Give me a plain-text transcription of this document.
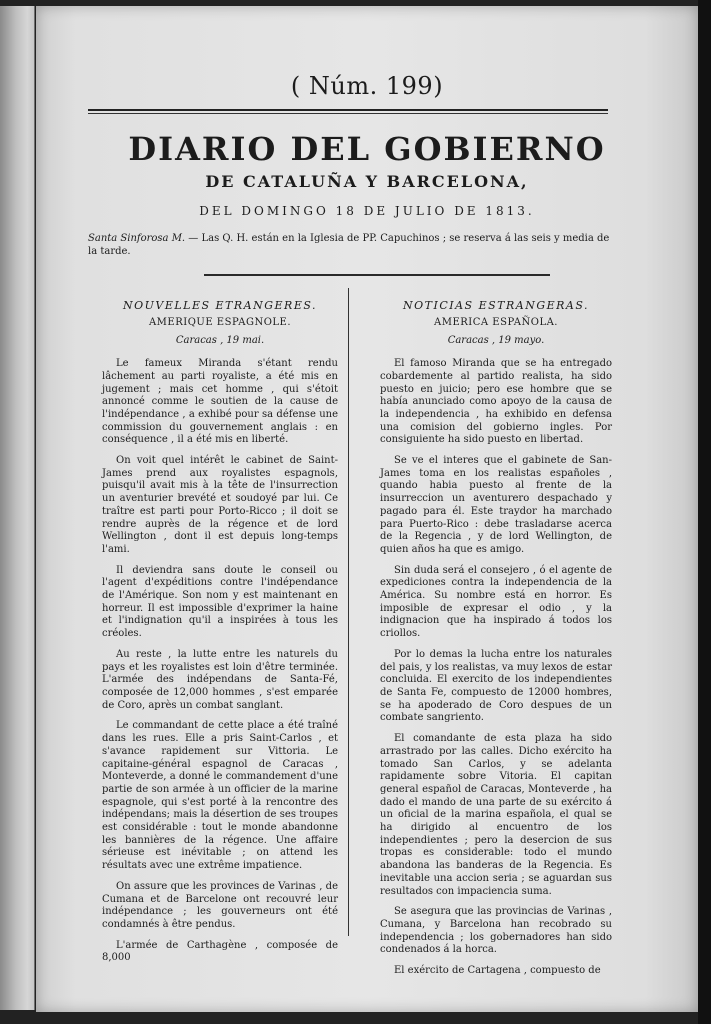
( Núm. 199)
DIARIO DEL GOBIERNO
DE CATALUÑA Y BARCELONA,
DEL DOMINGO 18 DE JULIO DE 1813.
Santa Sinforosa M. — Las Q. H. están en la Iglesia de PP. Capuchinos ; se reserva á las seis y media de la tarde.
NOUVELLES ETRANGERES.
AMERIQUE ESPAGNOLE.
Caracas , 19 mai.

Le fameux Miranda s'étant rendu lâchement au parti royaliste, a été mis en jugement ; mais cet homme , qui s'étoit annoncé comme le soutien de la cause de l'indépendance , a exhibé pour sa défense une commission du gouvernement anglais : en conséquence , il a été mis en liberté.

On voit quel intérêt le cabinet de Saint-James prend aux royalistes espagnols, puisqu'il avait mis à la tête de l'insurrection un aventurier brevété et soudoyé par lui. Ce traître est parti pour Porto-Ricco ; il doit se rendre auprès de la régence et de lord Wellington , dont il est depuis long-temps l'ami.

Il deviendra sans doute le conseil ou l'agent d'expéditions contre l'indépendance de l'Amérique. Son nom y est maintenant en horreur. Il est impossible d'exprimer la haine et l'indignation qu'il a inspirées à tous les créoles.

Au reste , la lutte entre les naturels du pays et les royalistes est loin d'être terminée. L'armée des indépendans de Santa-Fé, composée de 12,000 hommes , s'est emparée de Coro, après un combat sanglant.

Le commandant de cette place a été traîné dans les rues. Elle a pris Saint-Carlos , et s'avance rapidement sur Vittoria. Le capitaine-général espagnol de Caracas , Monteverde, a donné le commandement d'une partie de son armée à un officier de la marine espagnole, qui s'est porté à la rencontre des indépendans; mais la désertion de ses troupes est considérable : tout le monde abandonne les bannières de la régence. Une affaire sérieuse est inévitable ; on attend les résultats avec une extrême impatience.

On assure que les provinces de Varinas , de Cumana et de Barcelone ont recouvré leur indépendance ; les gouverneurs ont été condamnés à être pendus.

L'armée de Carthagène , composée de 8,000

NOTICIAS ESTRANGERAS.
AMERICA ESPAÑOLA.
Caracas , 19 mayo.

El famoso Miranda que se ha entregado cobardemente al partido realista, ha sido puesto en juicio; pero ese hombre que se había anunciado como apoyo de la causa de la independencia , ha exhibido en defensa una comision del gobierno ingles. Por consiguiente ha sido puesto en libertad.

Se ve el interes que el gabinete de San-James toma en los realistas españoles , quando habia puesto al frente de la insurreccion un aventurero despachado y pagado para él. Este traydor ha marchado para Puerto-Rico : debe trasladarse acerca de la Regencia , y de lord Wellington, de quien años ha que es amigo.

Sin duda será el consejero , ó el agente de expediciones contra la independencia de la América. Su nombre está en horror. Es imposible de expresar el odio , y la indignacion que ha inspirado á todos los criollos.

Por lo demas la lucha entre los naturales del pais, y los realistas, va muy lexos de estar concluida. El exercito de los independientes de Santa Fe, compuesto de 12000 hombres, se ha apoderado de Coro despues de un combate sangriento.

El comandante de esta plaza ha sido arrastrado por las calles. Dicho exército ha tomado San Carlos, y se adelanta rapidamente sobre Vitoria. El capitan general español de Caracas, Monteverde , ha dado el mando de una parte de su exército á un oficial de la marina española, el qual se ha dirigido al encuentro de los independientes ; pero la desercion de sus tropas es considerable: todo el mundo abandona las banderas de la Regencia. Es inevitable una accion seria ; se aguardan sus resultados con impaciencia suma.

Se asegura que las provincias de Varinas , Cumana, y Barcelona han recobrado su independencia ; los gobernadores han sido condenados á la horca.

El exército de Cartagena , compuesto de
